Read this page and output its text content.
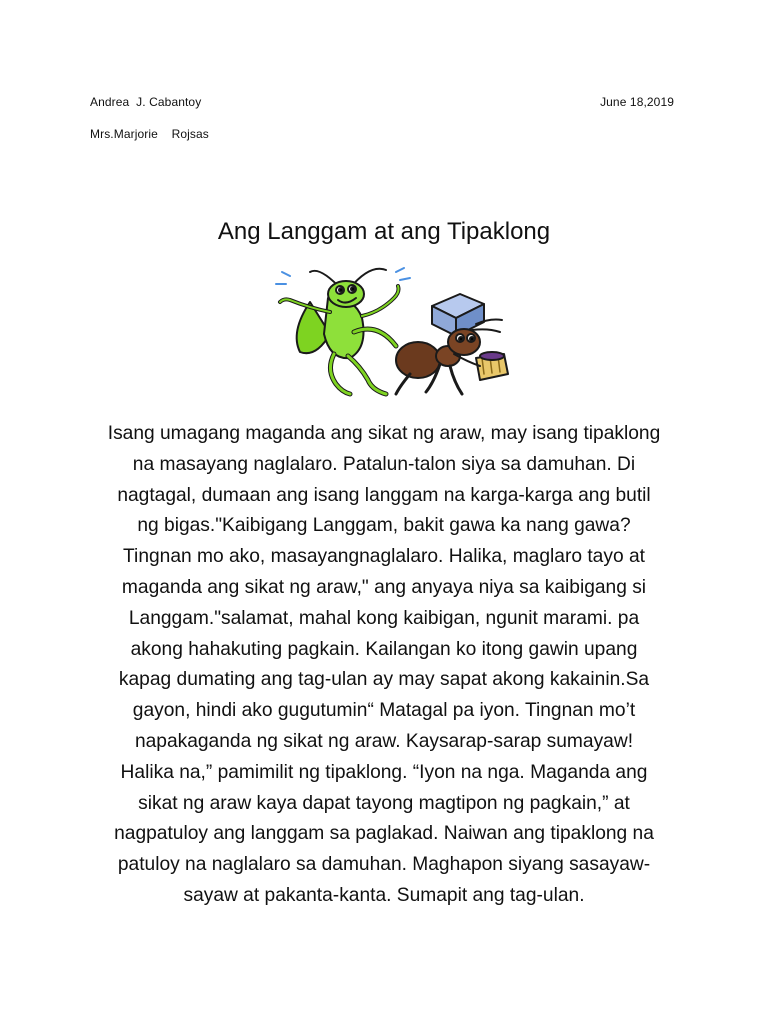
Andrea  J. Cabantoy	June 18,2019
Mrs.Marjorie    Rojsas
Ang Langgam at ang Tipaklong

Isang umagang maganda ang sikat ng araw, may isang tipaklong
na masayang naglalaro. Patalun-talon siya sa damuhan. Di
nagtagal, dumaan ang isang langgam na karga-karga ang butil
ng bigas."Kaibigang Langgam, bakit gawa ka nang gawa?
Tingnan mo ako, masayangnaglalaro. Halika, maglaro tayo at
maganda ang sikat ng araw," ang anyaya niya sa kaibigang si
Langgam."salamat, mahal kong kaibigan, ngunit marami. pa
akong hahakuting pagkain. Kailangan ko itong gawin upang
kapag dumating ang tag-ulan ay may sapat akong kakainin.Sa
gayon, hindi ako gugutumin“ Matagal pa iyon. Tingnan mo’t
napakaganda ng sikat ng araw. Kaysarap-sarap sumayaw!
Halika na,” pamimilit ng tipaklong. “Iyon na nga. Maganda ang
sikat ng araw kaya dapat tayong magtipon ng pagkain,” at
nagpatuloy ang langgam sa paglakad. Naiwan ang tipaklong na
patuloy na naglalaro sa damuhan. Maghapon siyang sasayaw-
sayaw at pakanta-kanta. Sumapit ang tag-ulan.
